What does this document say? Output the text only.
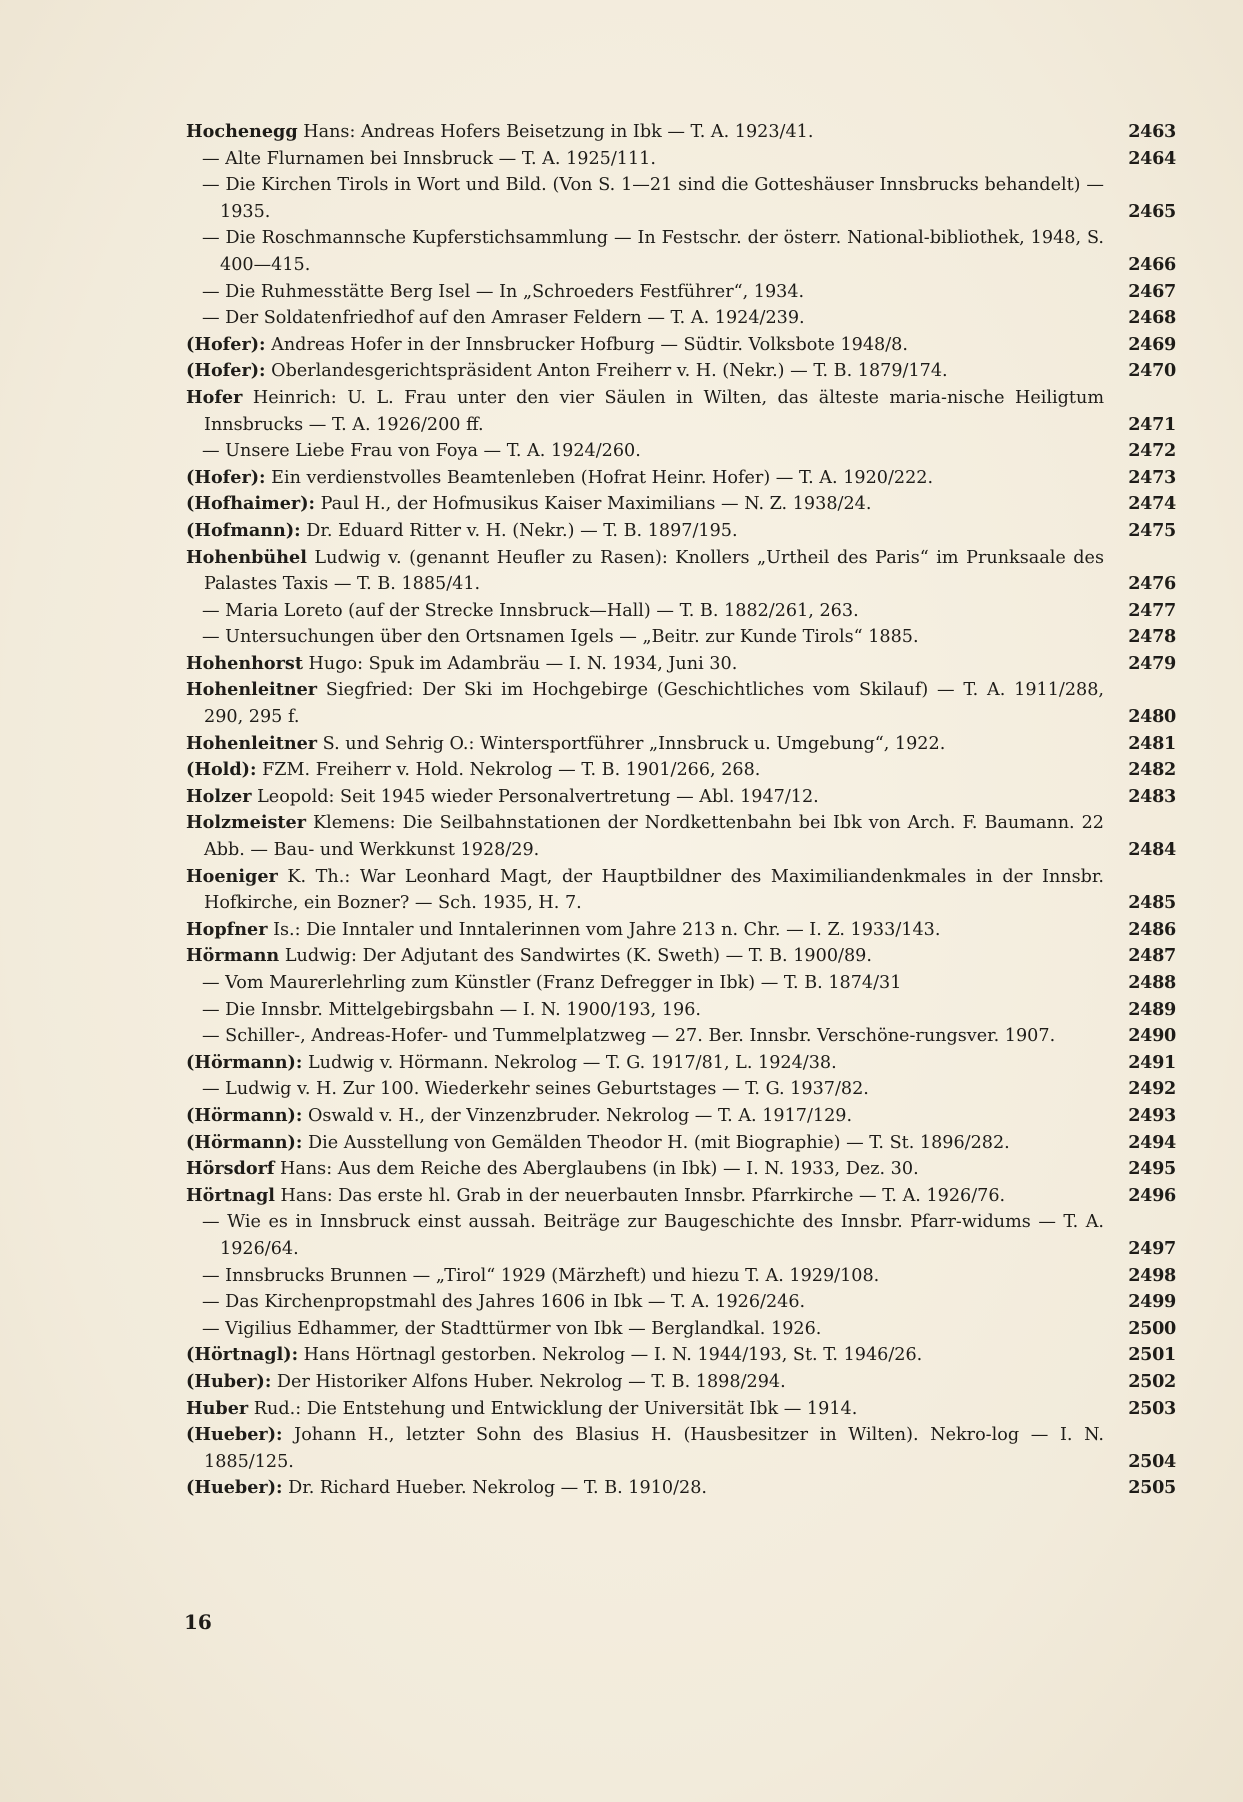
Hochenegg Hans: Andreas Hofers Beisetzung in Ibk — T. A. 1923/41.	2463
— Alte Flurnamen bei Innsbruck — T. A. 1925/111.	2464
— Die Kirchen Tirols in Wort und Bild. (Von S. 1—21 sind die Gotteshäuser Innsbrucks behandelt) — 1935.	2465
— Die Roschmannsche Kupferstichsammlung — In Festschr. der österr. National-bibliothek, 1948, S. 400—415.	2466
— Die Ruhmesstätte Berg Isel — In „Schroeders Festführer“, 1934.	2467
— Der Soldatenfriedhof auf den Amraser Feldern — T. A. 1924/239.	2468
(Hofer): Andreas Hofer in der Innsbrucker Hofburg — Südtir. Volksbote 1948/8.	2469
(Hofer): Oberlandesgerichtspräsident Anton Freiherr v. H. (Nekr.) — T. B. 1879/174.	2470
Hofer Heinrich: U. L. Frau unter den vier Säulen in Wilten, das älteste maria-nische Heiligtum Innsbrucks — T. A. 1926/200 ff.	2471
— Unsere Liebe Frau von Foya — T. A. 1924/260.	2472
(Hofer): Ein verdienstvolles Beamtenleben (Hofrat Heinr. Hofer) — T. A. 1920/222.	2473
(Hofhaimer): Paul H., der Hofmusikus Kaiser Maximilians — N. Z. 1938/24.	2474
(Hofmann): Dr. Eduard Ritter v. H. (Nekr.) — T. B. 1897/195.	2475
Hohenbühel Ludwig v. (genannt Heufler zu Rasen): Knollers „Urtheil des Paris“ im Prunksaale des Palastes Taxis — T. B. 1885/41.	2476
— Maria Loreto (auf der Strecke Innsbruck—Hall) — T. B. 1882/261, 263.	2477
— Untersuchungen über den Ortsnamen Igels — „Beitr. zur Kunde Tirols“ 1885.	2478
Hohenhorst Hugo: Spuk im Adambräu — I. N. 1934, Juni 30.	2479
Hohenleitner Siegfried: Der Ski im Hochgebirge (Geschichtliches vom Skilauf) — T. A. 1911/288, 290, 295 f.	2480
Hohenleitner S. und Sehrig O.: Wintersportführer „Innsbruck u. Umgebung“, 1922.	2481
(Hold): FZM. Freiherr v. Hold. Nekrolog — T. B. 1901/266, 268.	2482
Holzer Leopold: Seit 1945 wieder Personalvertretung — Abl. 1947/12.	2483
Holzmeister Klemens: Die Seilbahnstationen der Nordkettenbahn bei Ibk von Arch. F. Baumann. 22 Abb. — Bau- und Werkkunst 1928/29.	2484
Hoeniger K. Th.: War Leonhard Magt, der Hauptbildner des Maximiliandenkmales in der Innsbr. Hofkirche, ein Bozner? — Sch. 1935, H. 7.	2485
Hopfner Is.: Die Inntaler und Inntalerinnen vom Jahre 213 n. Chr. — I. Z. 1933/143.	2486
Hörmann Ludwig: Der Adjutant des Sandwirtes (K. Sweth) — T. B. 1900/89.	2487
— Vom Maurerlehrling zum Künstler (Franz Defregger in Ibk) — T. B. 1874/31	2488
— Die Innsbr. Mittelgebirgsbahn — I. N. 1900/193, 196.	2489
— Schiller-, Andreas-Hofer- und Tummelplatzweg — 27. Ber. Innsbr. Verschöne-rungsver. 1907.	2490
(Hörmann): Ludwig v. Hörmann. Nekrolog — T. G. 1917/81, L. 1924/38.	2491
— Ludwig v. H. Zur 100. Wiederkehr seines Geburtstages — T. G. 1937/82.	2492
(Hörmann): Oswald v. H., der Vinzenzbruder. Nekrolog — T. A. 1917/129.	2493
(Hörmann): Die Ausstellung von Gemälden Theodor H. (mit Biographie) — T. St. 1896/282.	2494
Hörsdorf Hans: Aus dem Reiche des Aberglaubens (in Ibk) — I. N. 1933, Dez. 30.	2495
Hörtnagl Hans: Das erste hl. Grab in der neuerbauten Innsbr. Pfarrkirche — T. A. 1926/76.	2496
— Wie es in Innsbruck einst aussah. Beiträge zur Baugeschichte des Innsbr. Pfarr-widums — T. A. 1926/64.	2497
— Innsbrucks Brunnen — „Tirol“ 1929 (Märzheft) und hiezu T. A. 1929/108.	2498
— Das Kirchenpropstmahl des Jahres 1606 in Ibk — T. A. 1926/246.	2499
— Vigilius Edhammer, der Stadttürmer von Ibk — Berglandkal. 1926.	2500
(Hörtnagl): Hans Hörtnagl gestorben. Nekrolog — I. N. 1944/193, St. T. 1946/26.	2501
(Huber): Der Historiker Alfons Huber. Nekrolog — T. B. 1898/294.	2502
Huber Rud.: Die Entstehung und Entwicklung der Universität Ibk — 1914.	2503
(Hueber): Johann H., letzter Sohn des Blasius H. (Hausbesitzer in Wilten). Nekro-log — I. N. 1885/125.	2504
(Hueber): Dr. Richard Hueber. Nekrolog — T. B. 1910/28.	2505
16
